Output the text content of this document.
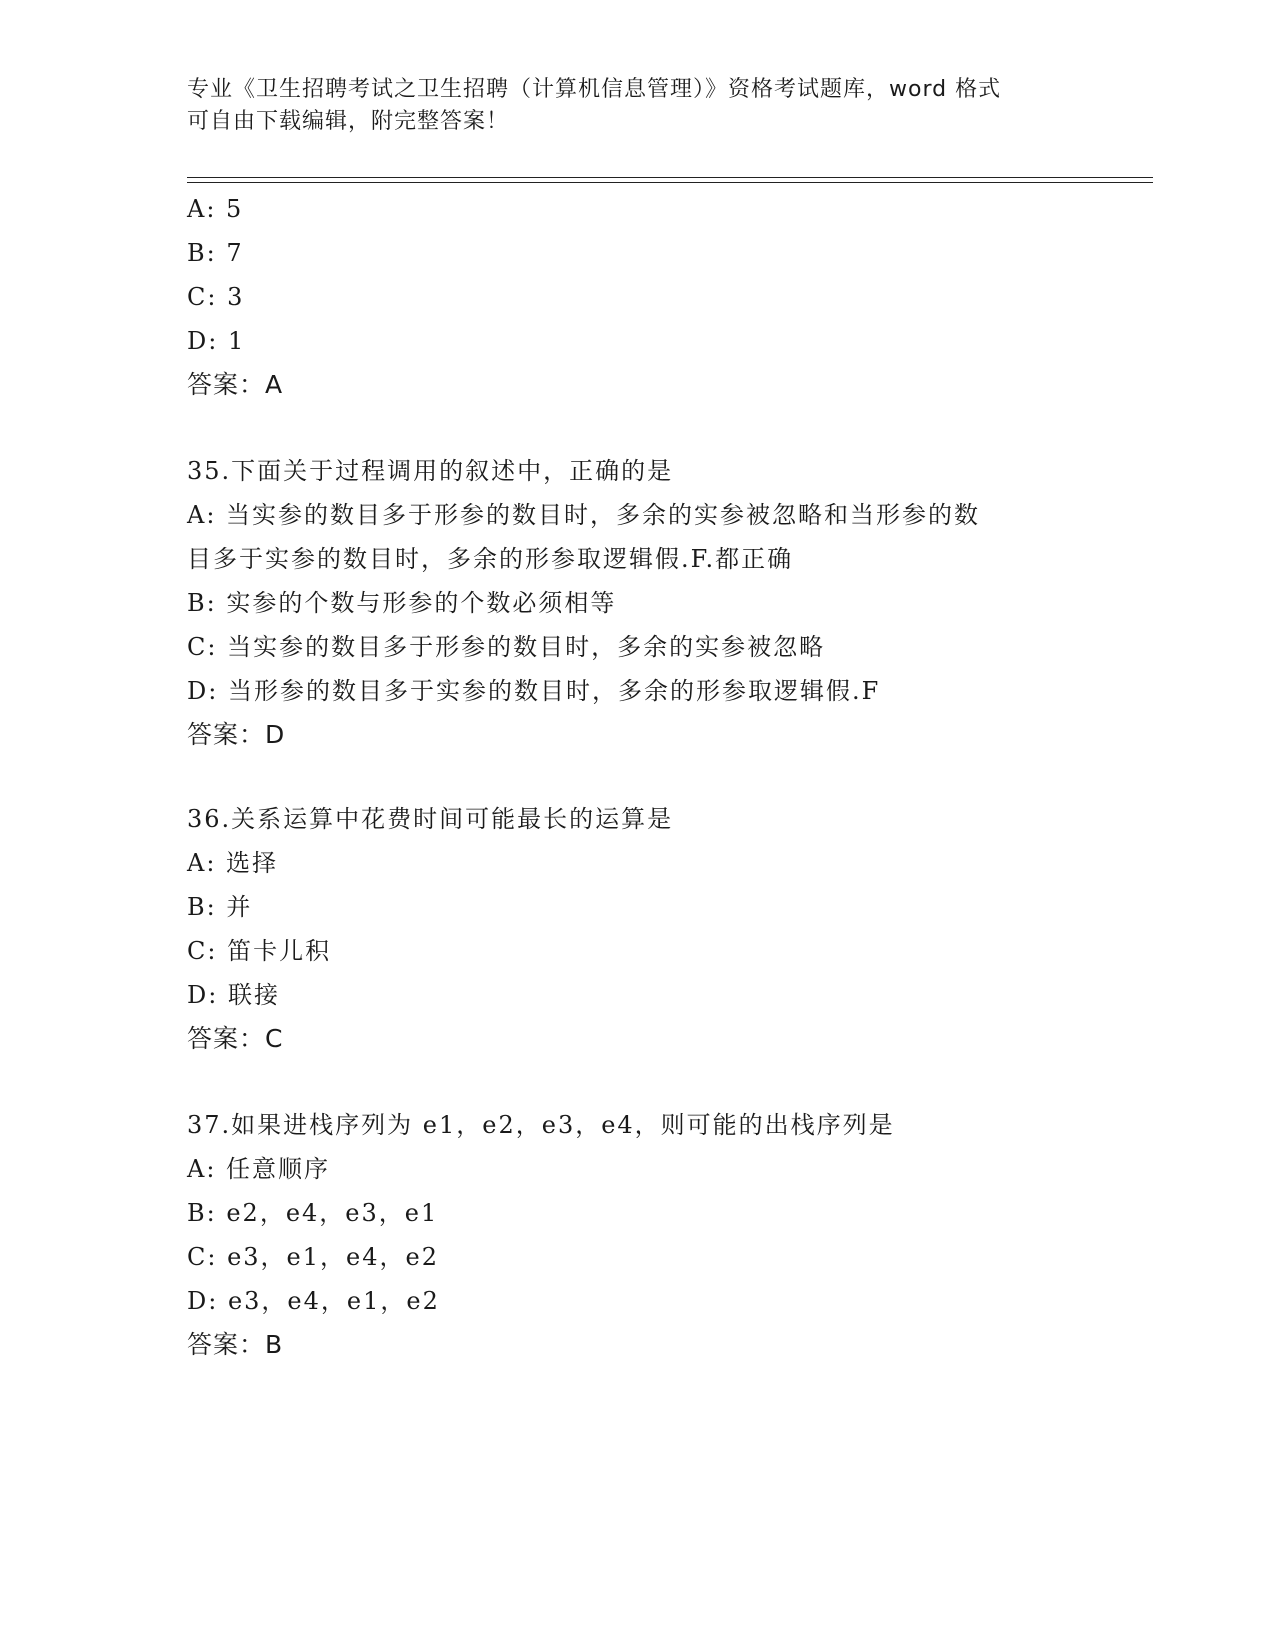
专业《卫生招聘考试之卫生招聘（计算机信息管理）》资格考试题库，word 格式
可自由下载编辑，附完整答案！
A: 5
B: 7
C: 3
D: 1
答案：A
35.下面关于过程调用的叙述中，正确的是
A: 当实参的数目多于形参的数目时，多余的实参被忽略和当形参的数
目多于实参的数目时，多余的形参取逻辑假.F.都正确
B: 实参的个数与形参的个数必须相等
C: 当实参的数目多于形参的数目时，多余的实参被忽略
D: 当形参的数目多于实参的数目时，多余的形参取逻辑假.F
答案：D
36.关系运算中花费时间可能最长的运算是
A: 选择
B: 并
C: 笛卡儿积
D: 联接
答案：C
37.如果进栈序列为 e1，e2，e3，e4，则可能的出栈序列是
A: 任意顺序
B: e2，e4，e3，e1
C: e3，e1，e4，e2
D: e3，e4，e1，e2
答案：B
